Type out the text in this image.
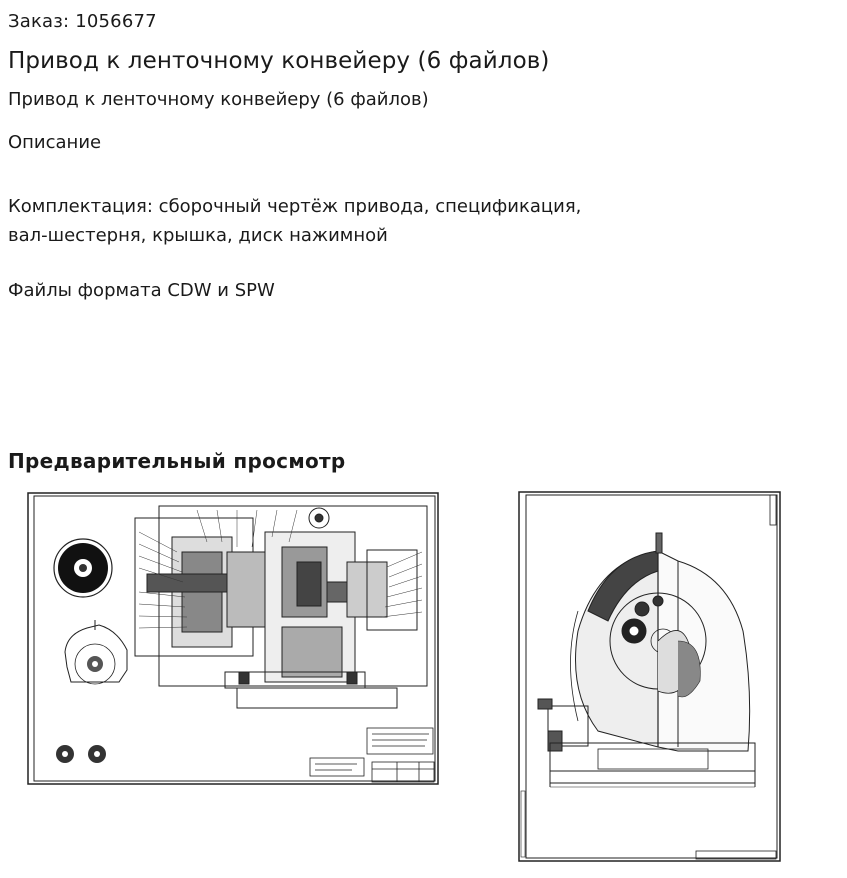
Заказ: 1056677
Привод к ленточному конвейеру (6 файлов)
Привод к ленточному конвейеру (6 файлов)
Описание
Комплектация: сборочный чертёж привода, спецификация,
вал-шестерня, крышка, диск нажимной
Файлы формата CDW и SPW
Предварительный просмотр
